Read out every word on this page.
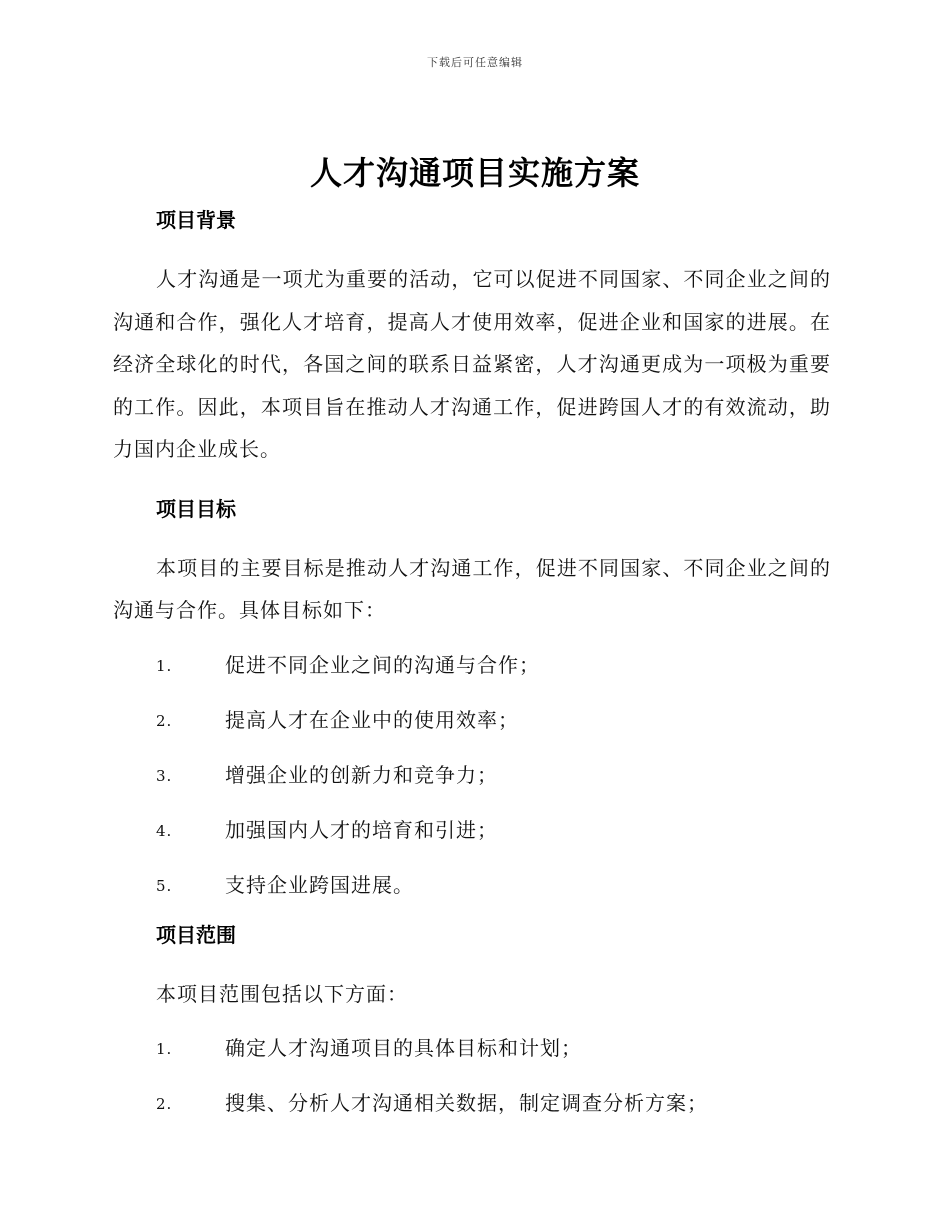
下载后可任意编辑
人才沟通项目实施方案
项目背景

人才沟通是一项尤为重要的活动，它可以促进不同国家、不同企业之间的沟通和合作，强化人才培育，提高人才使用效率，促进企业和国家的进展。在经济全球化的时代，各国之间的联系日益紧密，人才沟通更成为一项极为重要的工作。因此，本项目旨在推动人才沟通工作，促进跨国人才的有效流动，助力国内企业成长。

项目目标

本项目的主要目标是推动人才沟通工作，促进不同国家、不同企业之间的沟通与合作。具体目标如下：

1.	促进不同企业之间的沟通与合作；
2.	提高人才在企业中的使用效率；
3.	增强企业的创新力和竞争力；
4.	加强国内人才的培育和引进；
5.	支持企业跨国进展。
项目范围

本项目范围包括以下方面：

1.	确定人才沟通项目的具体目标和计划；
2.	搜集、分析人才沟通相关数据，制定调查分析方案；
